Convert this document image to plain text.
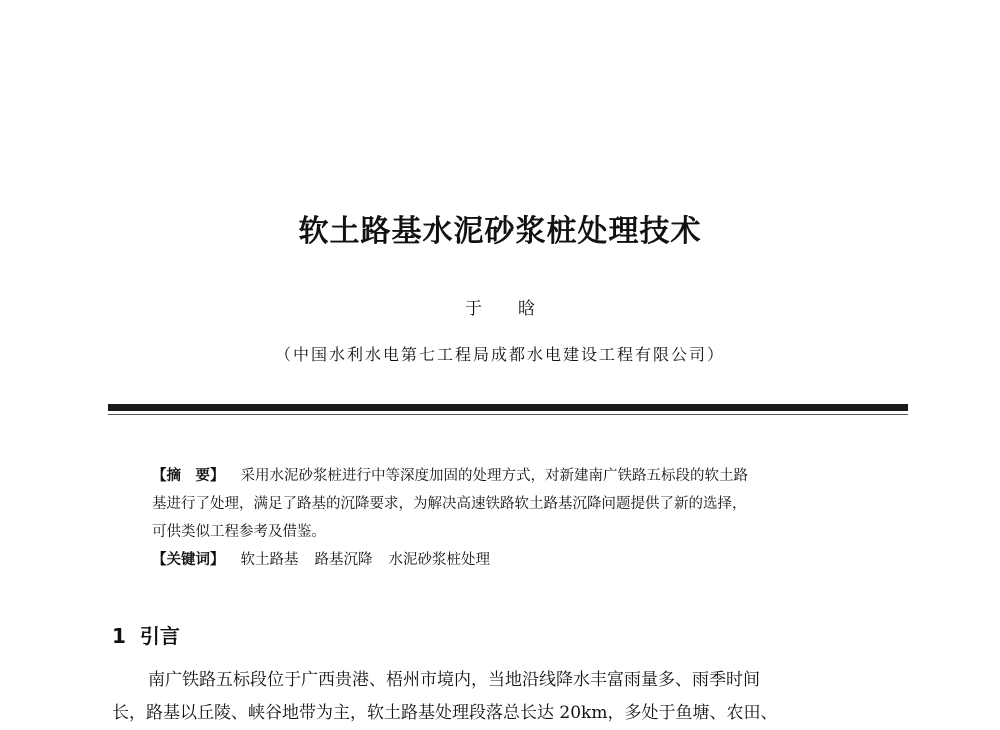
软土路基水泥砂浆桩处理技术
于 晗
（中国水利水电第七工程局成都水电建设工程有限公司）
【摘　要】 采用水泥砂浆桩进行中等深度加固的处理方式，对新建南广铁路五标段的软土路
基进行了处理，满足了路基的沉降要求，为解决高速铁路软土路基沉降问题提供了新的选择，
可供类似工程参考及借鉴。
【关键词】 软土路基 路基沉降 水泥砂浆桩处理
1 引言
南广铁路五标段位于广西贵港、梧州市境内，当地沿线降水丰富雨量多、雨季时间
长，路基以丘陵、峡谷地带为主，软土路基处理段落总长达 20km，多处于鱼塘、农田、
